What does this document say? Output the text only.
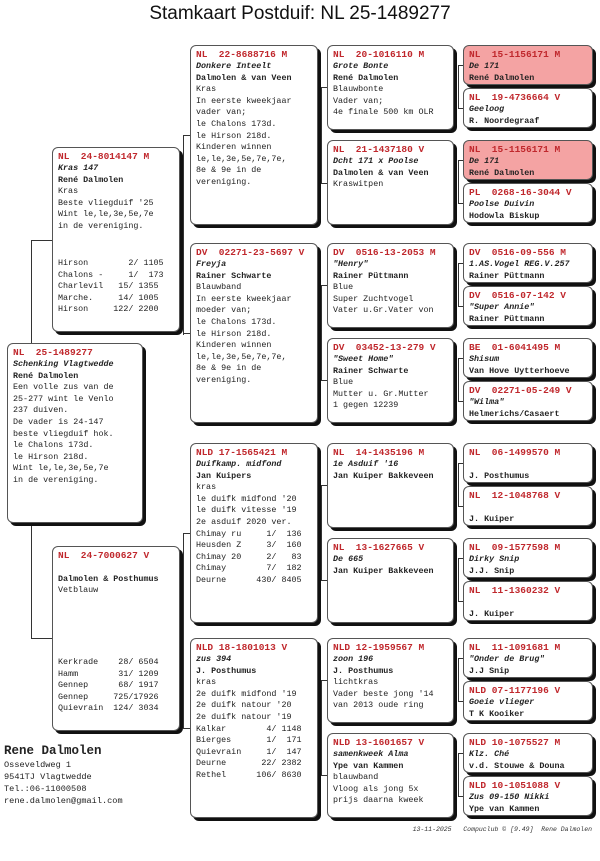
Stamkaart Postduif: NL 25-1489277
NL  25-1489277
Schenking Vlagtwedde
René Dalmolen
Een volle zus van de
25-277 wint le Venlo
237 duiven.
De vader is 24-147
beste vliegduif hok.
le Chalons 173d.
le Hirson 218d.
Wint le,le,3e,5e,7e
in de vereniging.
NL  24-8014147 M
Kras 147
René Dalmolen
Kras
Beste vliegduif '25
Wint le,le,3e,5e,7e
in de vereniging.
Hirson        2/ 1105
Chalons -     1/  173
Charlevil   15/ 1355
Marche.     14/ 1005
Hirson     122/ 2200
NL  24-7000627 V
Dalmolen & Posthumus
Vetblauw
Kerkrade    28/ 6504
Hamm        31/ 1209
Gennep      68/ 1917
Gennep     725/17926
Quievrain  124/ 3034
NL  22-8688716 M
Donkere Inteelt
Dalmolen & van Veen
Kras
In eerste kweekjaar
vader van;
le Chalons 173d.
le Hirson 218d.
Kinderen winnen
le,le,3e,5e,7e,7e,
8e & 9e in de
vereniging.
DV  02271-23-5697 V
Freyja
Rainer Schwarte
Blauwband
In eerste kweekjaar
moeder van;
le Chalons 173d.
le Hirson 218d.
Kinderen winnen
le,le,3e,5e,7e,7e,
8e & 9e in de
vereniging.
NLD 17-1565421 M
Duifkamp. midfond
Jan Kuipers
kras
le duifk midfond '20
le duifk vitesse '19
2e asduif 2020 ver.
Chimay ru     1/  136
Heusden Z     3/  160
Chimay 20     2/   83
Chimay        7/  182
Deurne      430/ 8405
NLD 18-1801013 V
zus 394
J. Posthumus
kras
2e duifk midfond '19
2e duifk natour '20
2e duifk natour '19
Kalkar        4/ 1148
Bierges       1/  171
Quievrain     1/  147
Deurne       22/ 2382
Rethel      106/ 8630
NL  20-1016110 M
Grote Bonte
René Dalmolen
Blauwbonte
Vader van;
4e finale 500 km OLR
NL  21-1437180 V
Dcht 171 x Poolse
Dalmolen & van Veen
Kraswitpen
DV  0516-13-2053 M
"Henry"
Rainer Püttmann
Blue
Super Zuchtvogel
Vater u.Gr.Vater von
DV  03452-13-279 V
"Sweet Home"
Rainer Schwarte
Blue
Mutter u. Gr.Mutter
1 gegen 12239
NL  14-1435196 M
1e Asduif '16
Jan Kuiper Bakkeveen
NL  13-1627665 V
De 665
Jan Kuiper Bakkeveen
NLD 12-1959567 M
zoon 196
J. Posthumus
lichtkras
Vader beste jong '14
van 2013 oude ring
NLD 13-1601657 V
samenkweek Alma
Ype van Kammen
blauwband
Vloog als jong 5x
prijs daarna kweek
NL  15-1156171 M
De 171
René Dalmolen
NL  19-4736664 V
Geeloog
R. Noordegraaf
NL  15-1156171 M
De 171
René Dalmolen
PL  0268-16-3044 V
Poolse Duivin
Hodowla Biskup
DV  0516-09-556 M
1.AS.Vogel REG.V.257
Rainer Püttmann
DV  0516-07-142 V
"Super Annie"
Rainer Püttmann
BE  01-6041495 M
Shisum
Van Hove Uytterhoeve
DV  02271-05-249 V
"Wilma"
Helmerichs/Casaert
NL  06-1499570 M
J. Posthumus
NL  12-1048768 V
J. Kuiper
NL  09-1577598 M
Dirky Snip
J.J. Snip
NL  11-1360232 V
J. Kuiper
NL  11-1091681 M
"Onder de Brug"
J.J Snip
NLD 07-1177196 V
Goeie vlieger
T K Kooiker
NLD 10-1075527 M
Klz. Ché
v.d. Stouwe & Douna
NLD 10-1051088 V
Zus 09-150 Nikki
Ype van Kammen
Rene Dalmolen
Osseveldweg 1
9541TJ Vlagtwedde
Tel.:06-11000508
rene.dalmolen@gmail.com
13-11-2025   Compuclub © [9.49]  Rene Dalmolen
